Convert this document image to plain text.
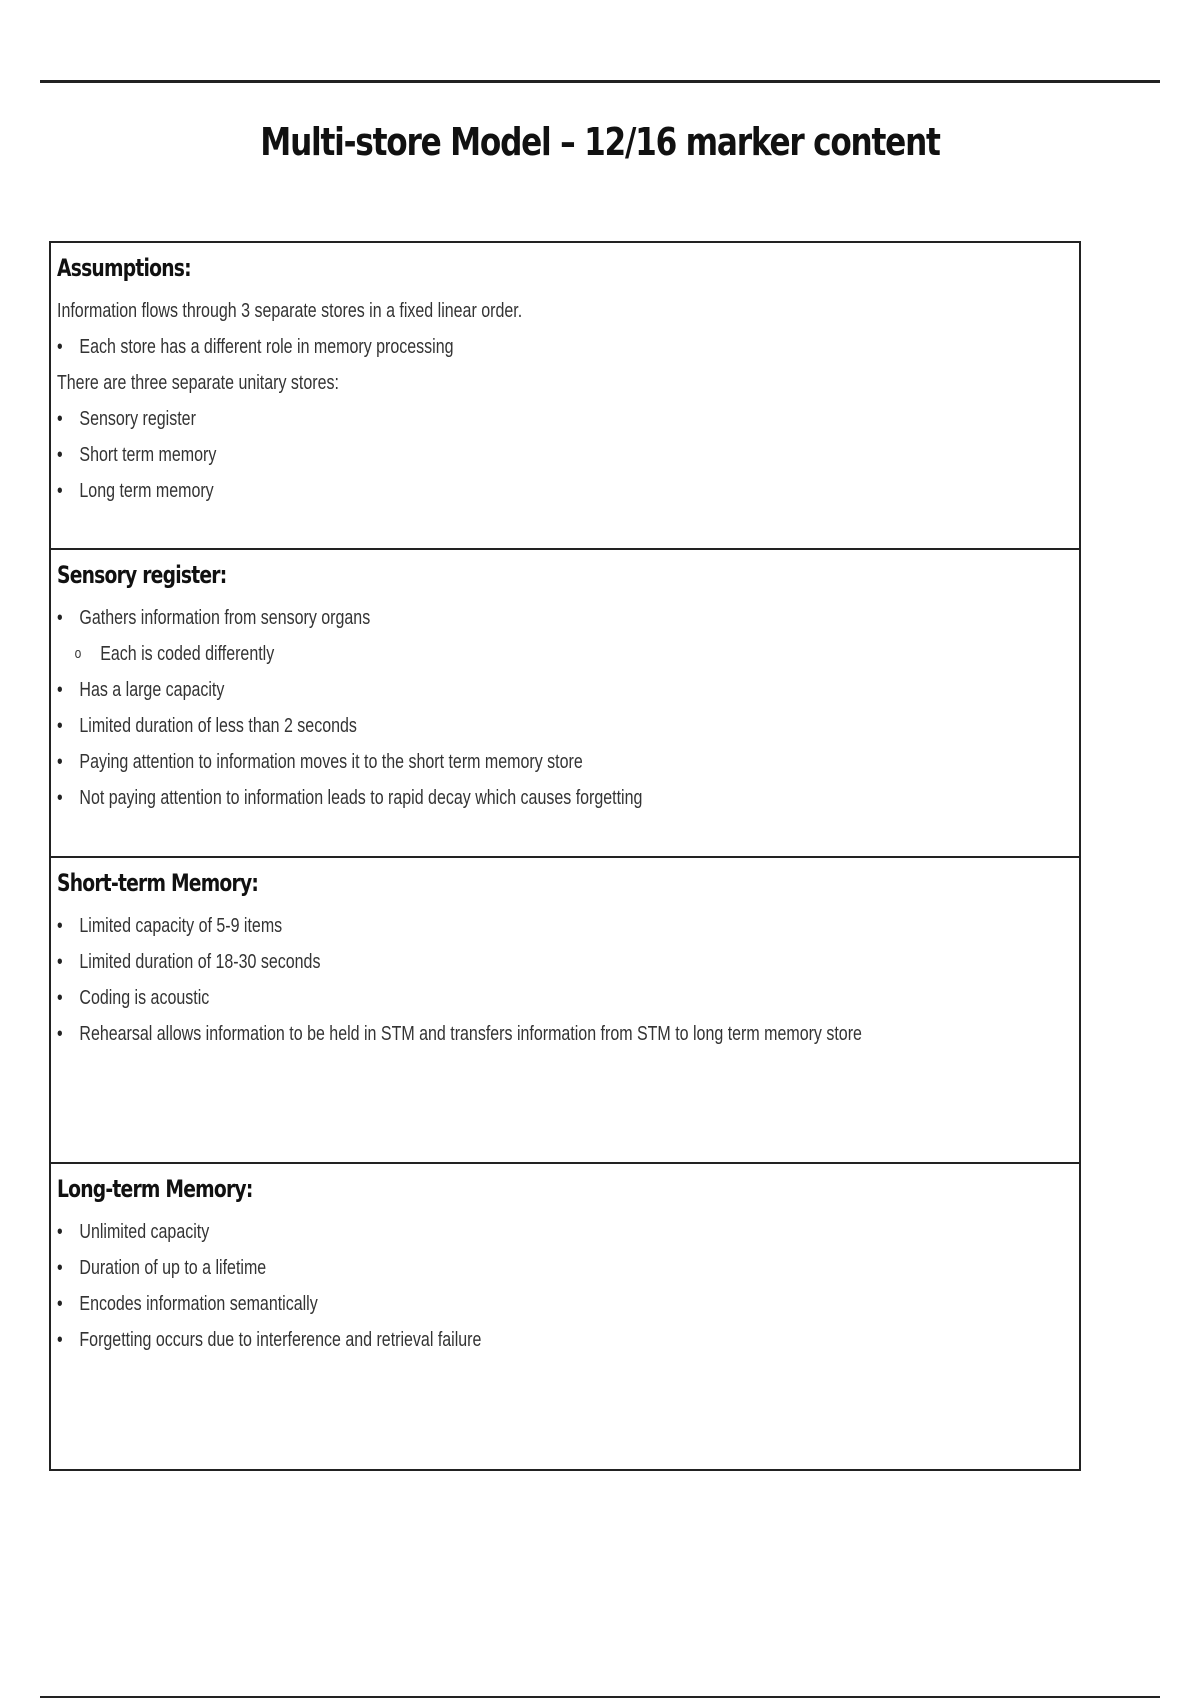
Multi-store Model – 12/16 marker content
Assumptions:
Information flows through 3 separate stores in a fixed linear order.
• Each store has a different role in memory processing
There are three separate unitary stores:
• Sensory register
• Short term memory
• Long term memory
Sensory register:
• Gathers information from sensory organs
o Each is coded differently
• Has a large capacity
• Limited duration of less than 2 seconds
• Paying attention to information moves it to the short term memory store
• Not paying attention to information leads to rapid decay which causes forgetting
Short-term Memory:
• Limited capacity of 5-9 items
• Limited duration of 18-30 seconds
• Coding is acoustic
• Rehearsal allows information to be held in STM and transfers information from STM to long term memory store
Long-term Memory:
• Unlimited capacity
• Duration of up to a lifetime
• Encodes information semantically
• Forgetting occurs due to interference and retrieval failure
